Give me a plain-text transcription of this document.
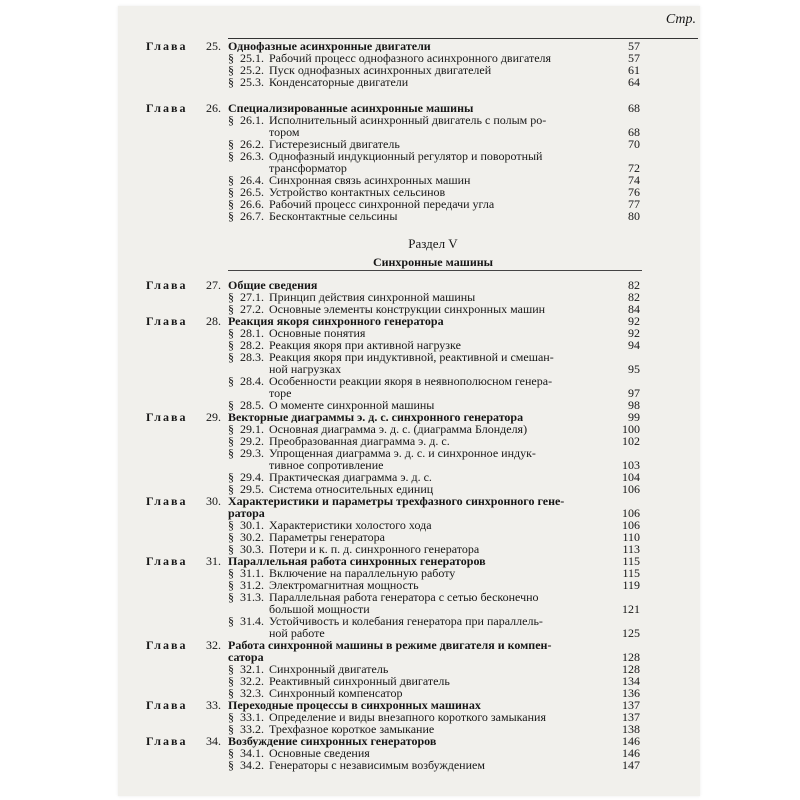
Стр.
Глава 25. Однофазные асинхронные двигатели	57
§ 25.1. Рабочий процесс однофазного асинхронного двигателя	57
§ 25.2. Пуск однофазных асинхронных двигателей	61
§ 25.3. Конденсаторные двигатели	64
Глава 26. Специализированные асинхронные машины	68
§ 26.1. Исполнительный асинхронный двигатель с полым ро-
тором	68
§ 26.2. Гистерезисный двигатель	70
§ 26.3. Однофазный индукционный регулятор и поворотный
трансформатор	72
§ 26.4. Синхронная связь асинхронных машин	74
§ 26.5. Устройство контактных сельсинов	76
§ 26.6. Рабочий процесс синхронной передачи угла	77
§ 26.7. Бесконтактные сельсины	80
Раздел V
Синхронные машины
Глава 27. Общие сведения	82
§ 27.1. Принцип действия синхронной машины	82
§ 27.2. Основные элементы конструкции синхронных машин	84
Глава 28. Реакция якоря синхронного генератора	92
§ 28.1. Основные понятия	92
§ 28.2. Реакция якоря при активной нагрузке	94
§ 28.3. Реакция якоря при индуктивной, реактивной и смешан-
ной нагрузках	95
§ 28.4. Особенности реакции якоря в неявнополюсном генера-
торе	97
§ 28.5. О моменте синхронной машины	98
Глава 29. Векторные диаграммы э. д. с. синхронного генератора	99
§ 29.1. Основная диаграмма э. д. с. (диаграмма Блонделя)	100
§ 29.2. Преобразованная диаграмма э. д. с.	102
§ 29.3. Упрощенная диаграмма э. д. с. и синхронное индук-
тивное сопротивление	103
§ 29.4. Практическая диаграмма э. д. с.	104
§ 29.5. Система относительных единиц	106
Глава 30. Характеристики и параметры трехфазного синхронного гене-
ратора	106
§ 30.1. Характеристики холостого хода	106
§ 30.2. Параметры генератора	110
§ 30.3. Потери и к. п. д. синхронного генератора	113
Глава 31. Параллельная работа синхронных генераторов	115
§ 31.1. Включение на параллельную работу	115
§ 31.2. Электромагнитная мощность	119
§ 31.3. Параллельная работа генератора с сетью бесконечно
большой мощности	121
§ 31.4. Устойчивость и колебания генератора при параллель-
ной работе	125
Глава 32. Работа синхронной машины в режиме двигателя и компен-
сатора	128
§ 32.1. Синхронный двигатель	128
§ 32.2. Реактивный синхронный двигатель	134
§ 32.3. Синхронный компенсатор	136
Глава 33. Переходные процессы в синхронных машинах	137
§ 33.1. Определение и виды внезапного короткого замыкания	137
§ 33.2. Трехфазное короткое замыкание	138
Глава 34. Возбуждение синхронных генераторов	146
§ 34.1. Основные сведения	146
§ 34.2. Генераторы с независимым возбуждением	147
